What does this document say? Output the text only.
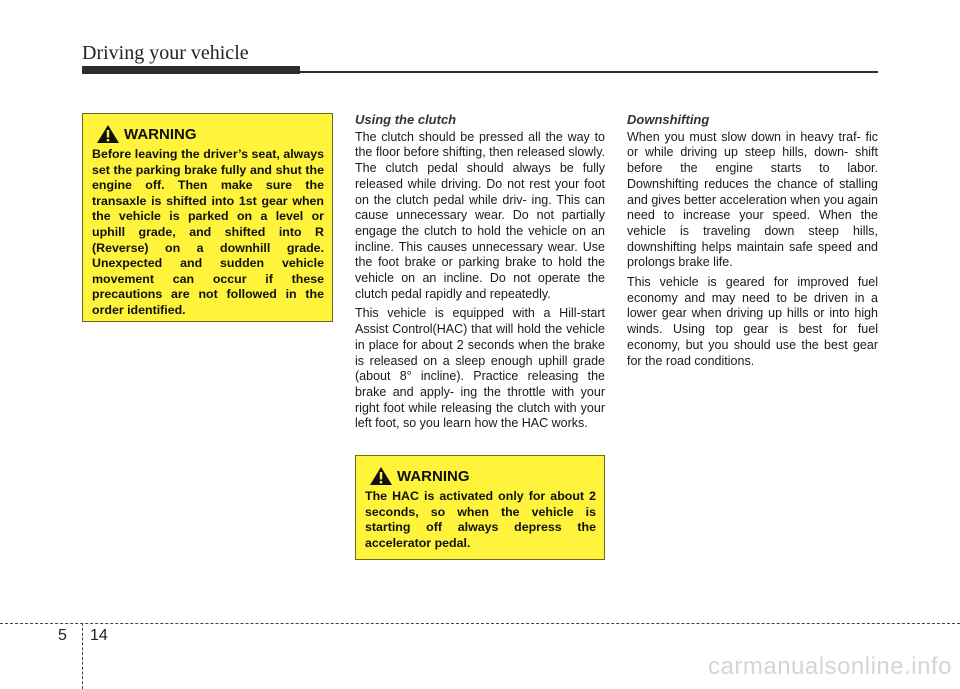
Driving your vehicle
WARNING
Before leaving the driver’s seat, always set the parking brake fully and shut the engine off. Then make sure the transaxle is shifted into 1st gear when the vehicle is parked on a level or uphill grade, and shifted into R (Reverse) on a downhill grade. Unexpected and sudden vehicle movement can occur if these precautions are not followed in the order identified.
Using the clutch

The clutch should be pressed all the way to the floor before shifting, then released slowly. The clutch pedal should always be fully released while driving. Do not rest your foot on the clutch pedal while driv- ing. This can cause unnecessary wear. Do not partially engage the clutch to hold the vehicle on an incline. This causes unnecessary wear. Use the foot brake or parking brake to hold the vehicle on an incline. Do not operate the clutch pedal rapidly and repeatedly.

This vehicle is equipped with a Hill-start Assist Control(HAC) that will hold the vehicle in place for about 2 seconds when the brake is released on a sleep enough uphill grade (about 8° incline). Practice releasing the brake and apply- ing the throttle with your right foot while releasing the clutch with your left foot, so you learn how the HAC works.

WARNING
The HAC is activated only for about 2 seconds, so when the vehicle is starting off always depress the accelerator pedal.
Downshifting

When you must slow down in heavy traf- fic or while driving up steep hills, down- shift before the engine starts to labor. Downshifting reduces the chance of stalling and gives better acceleration when you again need to increase your speed. When the vehicle is traveling down steep hills, downshifting helps maintain safe speed and prolongs brake life.

This vehicle is geared for improved fuel economy and may need to be driven in a lower gear when driving up hills or into high winds. Using top gear is best for fuel economy, but you should use the best gear for the road conditions.

5 14
carmanualsonline.info
